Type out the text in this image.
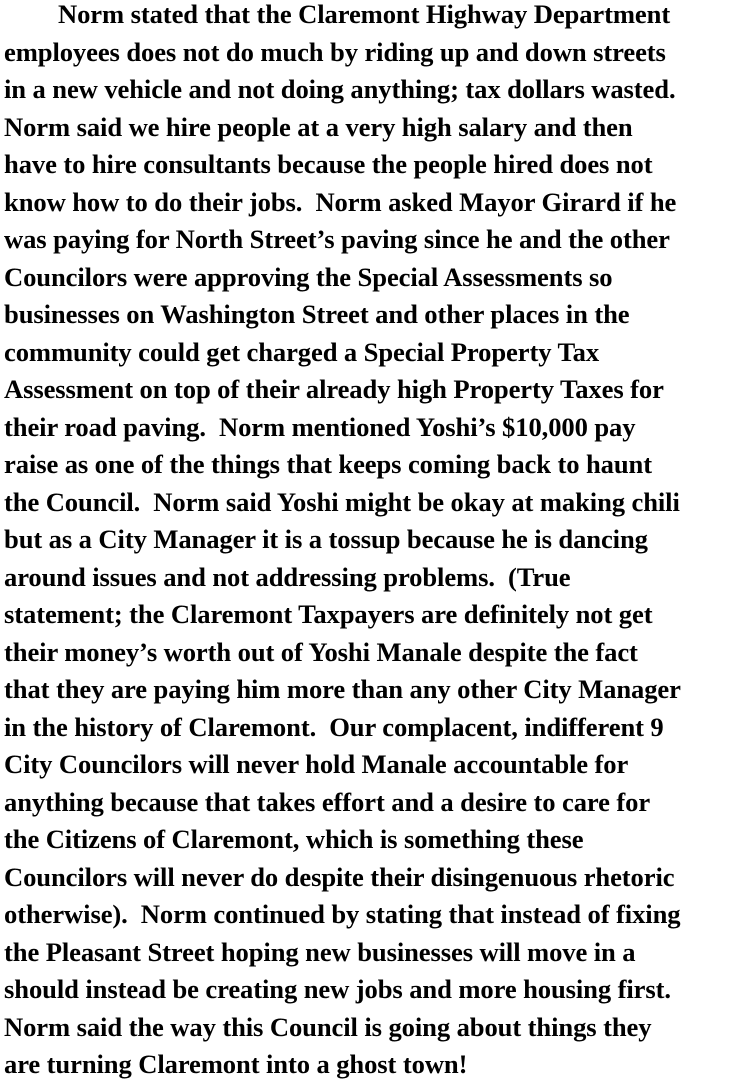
Norm stated that the Claremont Highway Department
employees does not do much by riding up and down streets
in a new vehicle and not doing anything; tax dollars wasted.
Norm said we hire people at a very high salary and then
have to hire consultants because the people hired does not
know how to do their jobs.  Norm asked Mayor Girard if he
was paying for North Street’s paving since he and the other
Councilors were approving the Special Assessments so
businesses on Washington Street and other places in the
community could get charged a Special Property Tax
Assessment on top of their already high Property Taxes for
their road paving.  Norm mentioned Yoshi’s $10,000 pay
raise as one of the things that keeps coming back to haunt
the Council.  Norm said Yoshi might be okay at making chili
but as a City Manager it is a tossup because he is dancing
around issues and not addressing problems.  (True
statement; the Claremont Taxpayers are definitely not get
their money’s worth out of Yoshi Manale despite the fact
that they are paying him more than any other City Manager
in the history of Claremont.  Our complacent, indifferent 9
City Councilors will never hold Manale accountable for
anything because that takes effort and a desire to care for
the Citizens of Claremont, which is something these
Councilors will never do despite their disingenuous rhetoric
otherwise).  Norm continued by stating that instead of fixing
the Pleasant Street hoping new businesses will move in a
should instead be creating new jobs and more housing first.
Norm said the way this Council is going about things they
are turning Claremont into a ghost town!
